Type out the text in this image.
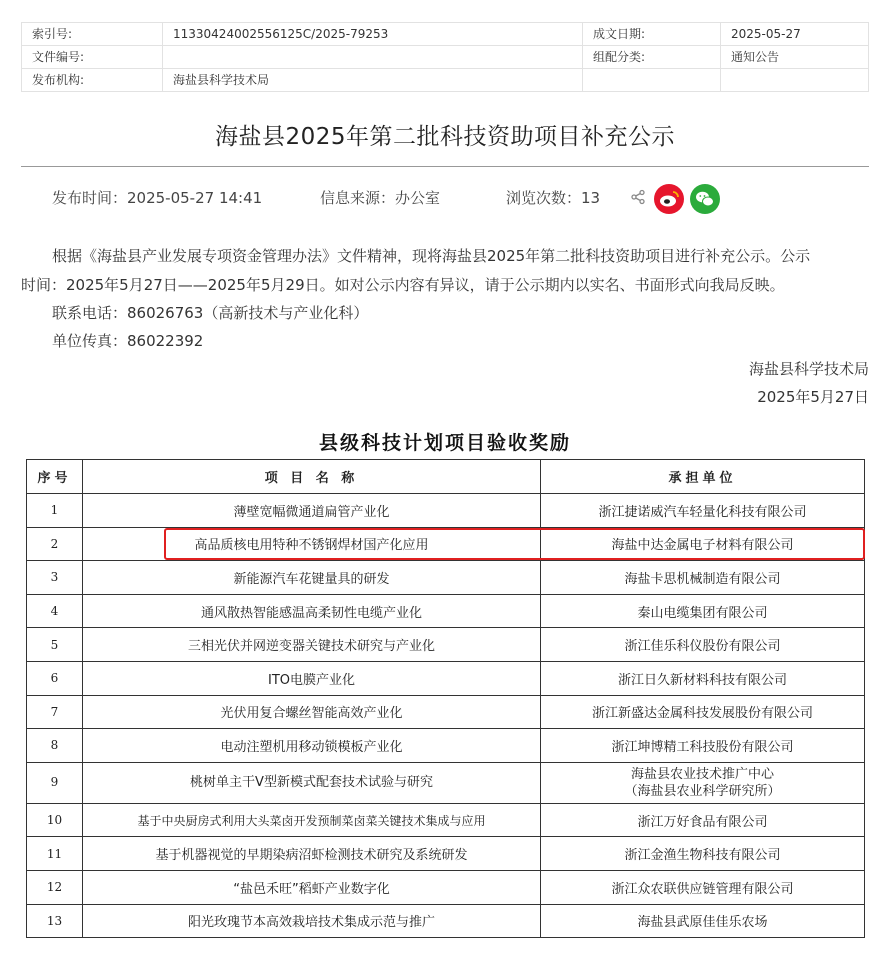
索引号:	11330424002556125C/2025-79253	成文日期:	2025-05-27
文件编号:		组配分类:	通知公告
发布机构:	海盐县科学技术局		
海盐县2025年第二批科技资助项目补充公示
发布时间：2025-05-27 14:41	信息来源：办公室	浏览次数：13
根据《海盐县产业发展专项资金管理办法》文件精神，现将海盐县2025年第二批科技资助项目进行补充公示。公示
时间：2025年5月27日——2025年5月29日。如对公示内容有异议，请于公示期内以实名、书面形式向我局反映。
联系电话：86026763（高新技术与产业化科）
单位传真：86022392
海盐县科学技术局
2025年5月27日
县级科技计划项目验收奖励
序号	项 目 名 称	承担单位
1	薄壁宽幅微通道扁管产业化	浙江捷诺威汽车轻量化科技有限公司
2	高品质核电用特种不锈钢焊材国产化应用	海盐中达金属电子材料有限公司
3	新能源汽车花键量具的研发	海盐卡思机械制造有限公司
4	通风散热智能感温高柔韧性电缆产业化	秦山电缆集团有限公司
5	三相光伏并网逆变器关键技术研究与产业化	浙江佳乐科仪股份有限公司
6	ITO电膜产业化	浙江日久新材料科技有限公司
7	光伏用复合螺丝智能高效产业化	浙江新盛达金属科技发展股份有限公司
8	电动注塑机用移动锁模板产业化	浙江坤博精工科技股份有限公司
9	桃树单主干V型新模式配套技术试验与研究	海盐县农业技术推广中心
（海盐县农业科学研究所）

10	基于中央厨房式利用大头菜卤开发预制菜卤菜关键技术集成与应用	浙江万好食品有限公司
11	基于机器视觉的早期染病沼虾检测技术研究及系统研发	浙江金渔生物科技有限公司
12	“盐邑禾旺”稻虾产业数字化	浙江众农联供应链管理有限公司
13	阳光玫瑰节本高效栽培技术集成示范与推广	海盐县武原佳佳乐农场
